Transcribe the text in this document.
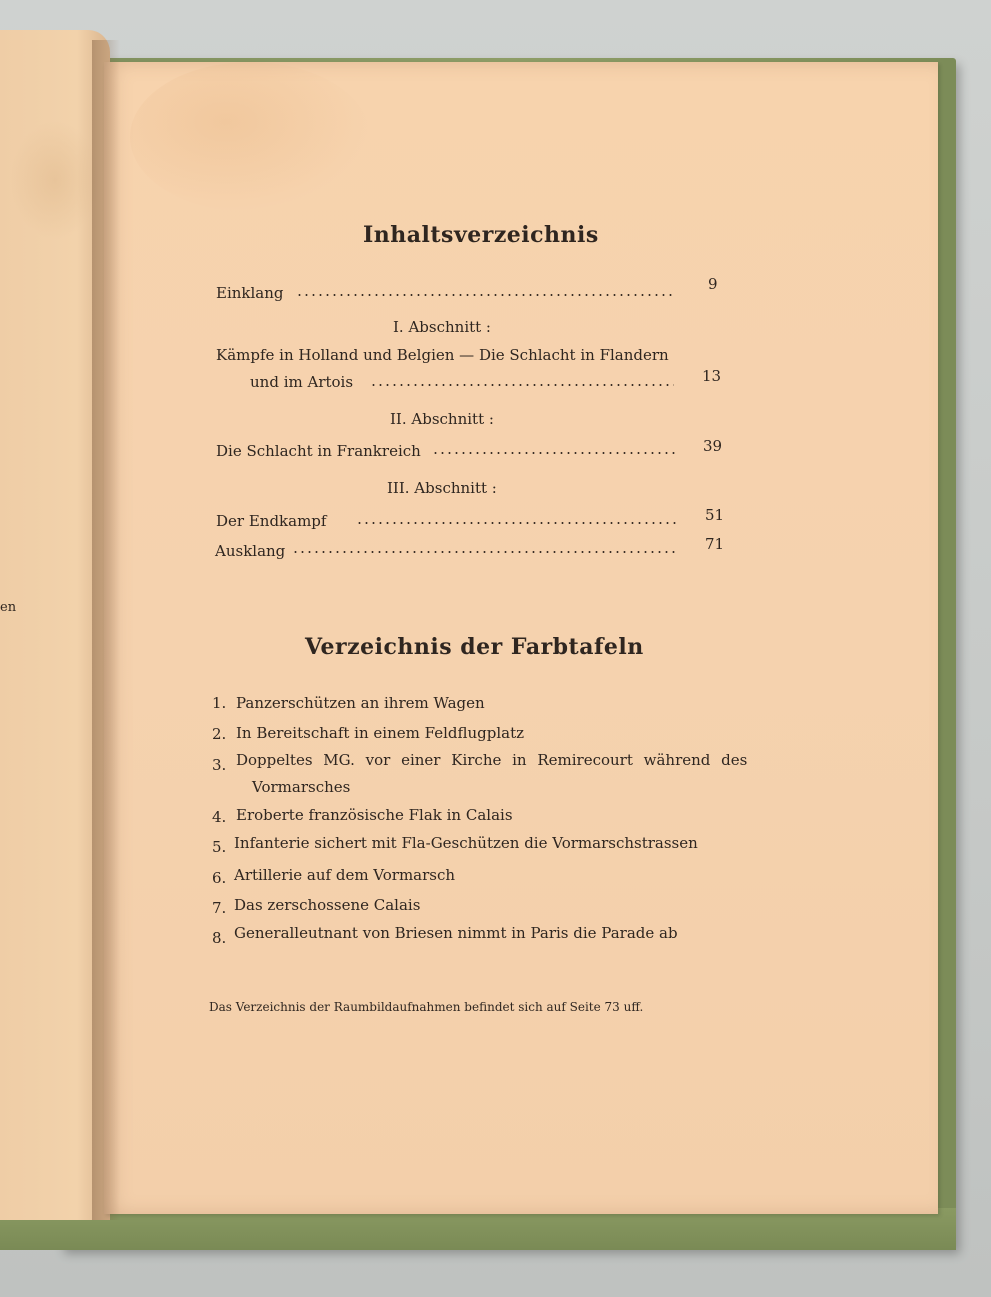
en
Inhaltsverzeichnis
Einklang	9
I. Abschnitt :
Kämpfe in Holland und Belgien — Die Schlacht in Flandern
und im Artois	13
II. Abschnitt :
Die Schlacht in Frankreich	39
III. Abschnitt :
Der Endkampf	51
Ausklang	71
Verzeichnis der Farbtafeln
1. Panzerschützen an ihrem Wagen
2. In Bereitschaft in einem Feldflugplatz
3. Doppeltes MG. vor einer Kirche in Remirecourt während des
Vormarsches
4. Eroberte französische Flak in Calais
5. Infanterie sichert mit Fla-Geschützen die Vormarschstrassen
6. Artillerie auf dem Vormarsch
7. Das zerschossene Calais
8. Generalleutnant von Briesen nimmt in Paris die Parade ab
Das Verzeichnis der Raumbildaufnahmen befindet sich auf Seite 73 uff.
